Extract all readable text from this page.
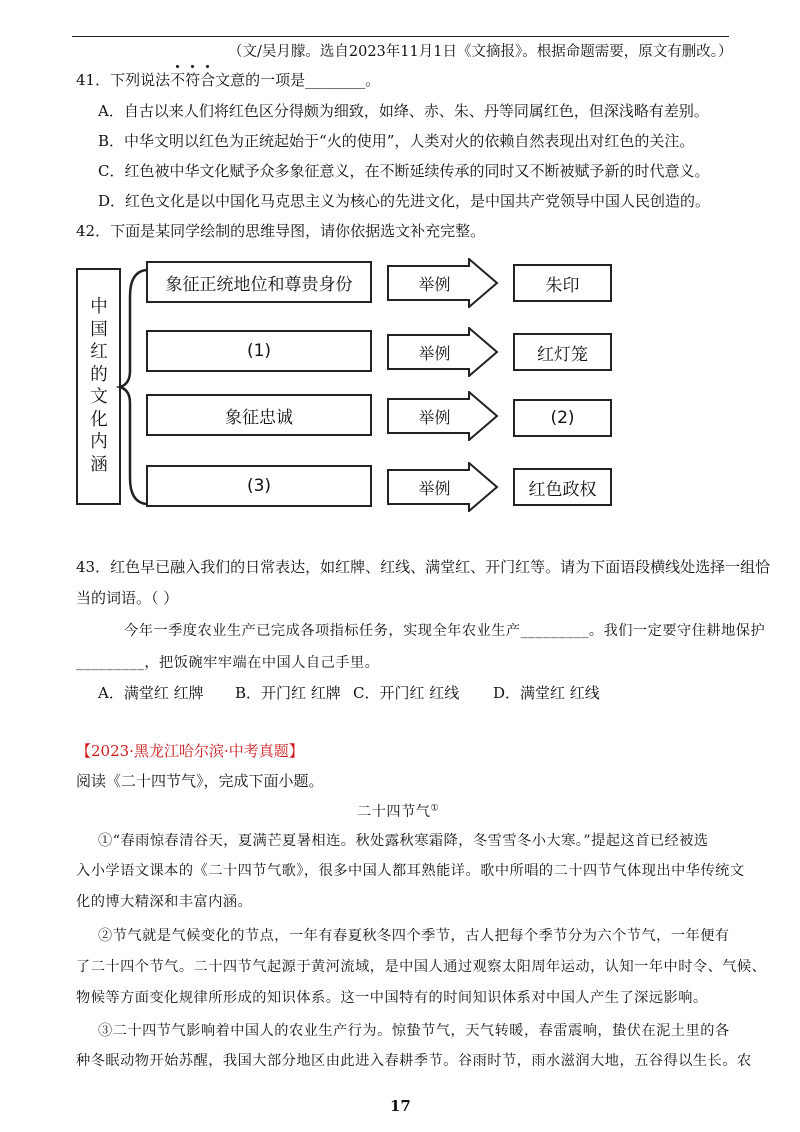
（文/吴月朦。选自2023年11月1日《文摘报》。根据命题需要，原文有删改。）
41．下列说法
不
符
合文意的一项是________。
A．自古以来人们将红色区分得颇为细致，如绛、赤、朱、丹等同属红色，但深浅略有差别。
B．中华文明以红色为正统起始于“火的使用”，人类对火的依赖自然表现出对红色的关注。
C．红色被中华文化赋予众多象征意义，在不断延续传承的同时又不断被赋予新的时代意义。
D．红色文化是以中国化马克思主义为核心的先进文化，是中国共产党领导中国人民创造的。
42．下面是某同学绘制的思维导图，请你依据选文补充完整。
中国红的文化内涵
象征正统地位和尊贵身份	举例	朱印
(1)	举例	红灯笼
象征忠诚	举例	(2)
(3)	举例	红色政权
43．红色早已融入我们的日常表达，如红牌、红线、满堂红、开门红等。请为下面语段横线处选择一组恰
当的词语。（ ）
今年一季度农业生产已完成各项指标任务，实现全年农业生产_________。我们一定要守住耕地保护
_________，把饭碗牢牢端在中国人自己手里。
A．满堂红 红牌 B．开门红 红牌 C．开门红 红线 D．满堂红 红线
【2023·黑龙江哈尔滨·中考真题】
阅读《二十四节气》，完成下面小题。
二十四节气①
①“春雨惊春清谷天，夏满芒夏暑相连。秋处露秋寒霜降，冬雪雪冬小大寒。”提起这首已经被选
入小学语文课本的《二十四节气歌》，很多中国人都耳熟能详。歌中所唱的二十四节气体现出中华传统文
化的博大精深和丰富内涵。
②节气就是气候变化的节点，一年有春夏秋冬四个季节，古人把每个季节分为六个节气，一年便有
了二十四个节气。二十四节气起源于黄河流域，是中国人通过观察太阳周年运动，认知一年中时令、气候、
物候等方面变化规律所形成的知识体系。这一中国特有的时间知识体系对中国人产生了深远影响。
③二十四节气影响着中国人的农业生产行为。惊蛰节气，天气转暖，春雷震响，蛰伏在泥土里的各
种冬眠动物开始苏醒，我国大部分地区由此进入春耕季节。谷雨时节，雨水滋润大地，五谷得以生长。农
17
